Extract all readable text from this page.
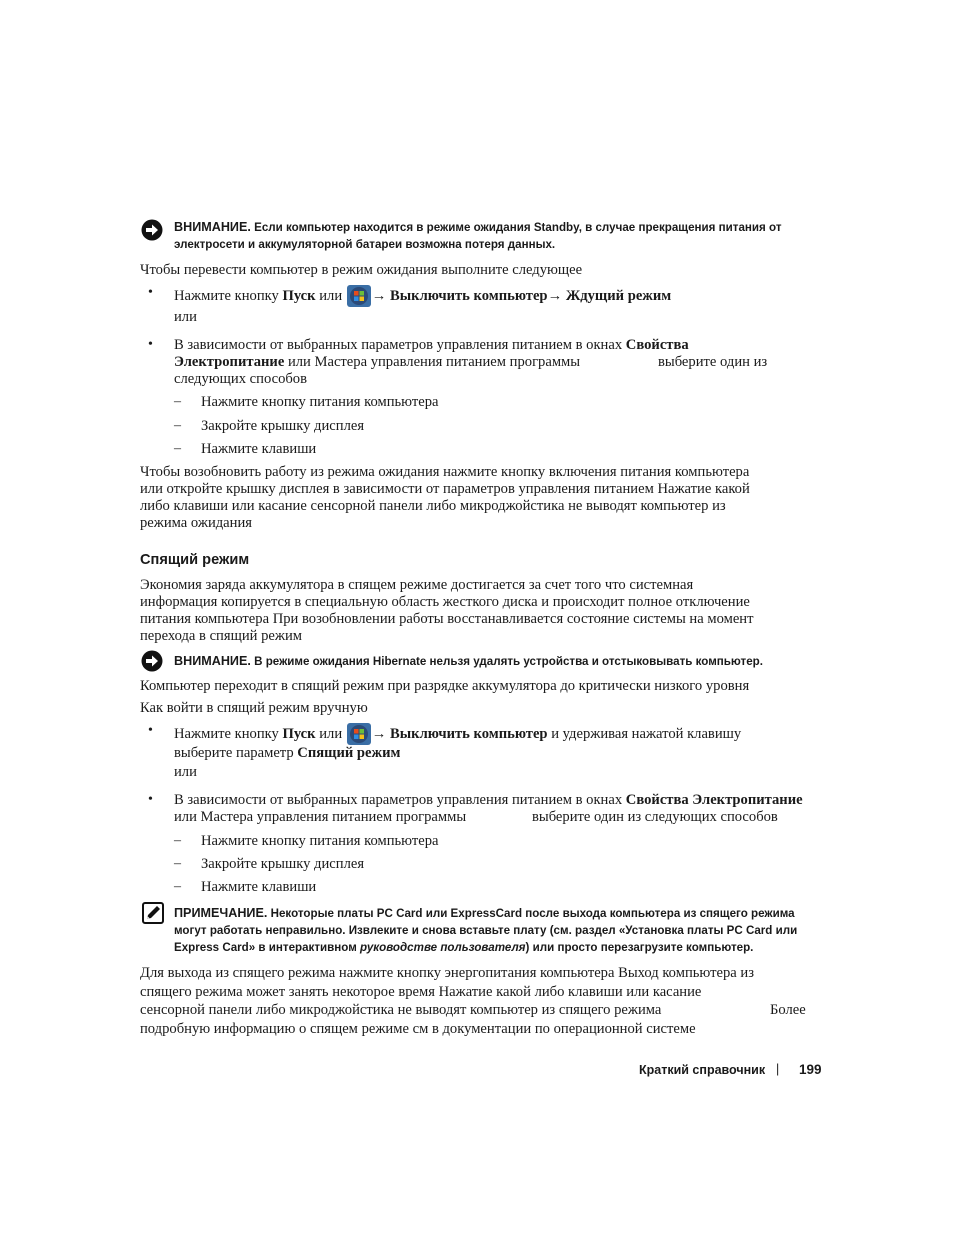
ВНИМАНИЕ. Если компьютер находится в режиме ожидания Standby, в случае прекращения питания от
электросети и аккумуляторной батареи возможна потеря данных.
Чтобы перевести компьютер в режим ожидания выполните следующее
• Нажмите кнопку Пуск или → Выключить компьютер→ Ждущий режим
или
• В зависимости от выбранных параметров управления питанием в окнах Свойства
Электропитание или Мастера управления питанием программы	выберите один из

следующих способов
– Нажмите кнопку питания компьютера
– Закройте крышку дисплея
– Нажмите клавиши
Чтобы возобновить работу из режима ожидания нажмите кнопку включения питания компьютера
или откройте крышку дисплея в зависимости от параметров управления питанием Нажатие какой
либо клавиши или касание сенсорной панели либо микроджойстика не выводят компьютер из
режима ожидания
Спящий режим
Экономия заряда аккумулятора в спящем режиме достигается за счет того что системная
информация копируется в специальную область жесткого диска и происходит полное отключение
питания компьютера При возобновлении работы восстанавливается состояние системы на момент
перехода в спящий режим
ВНИМАНИЕ. В режиме ожидания Hibernate нельзя удалять устройства и отстыковывать компьютер.
Компьютер переходит в спящий режим при разрядке аккумулятора до критически низкого уровня
Как войти в спящий режим вручную
• Нажмите кнопку Пуск или → Выключить компьютер и удерживая нажатой клавишу
выберите параметр Спящий режим
или
• В зависимости от выбранных параметров управления питанием в окнах Свойства Электропитание
или Мастера управления питанием программы	выберите один из следующих способов
– Нажмите кнопку питания компьютера
– Закройте крышку дисплея
– Нажмите клавиши
ПРИМЕЧАНИЕ. Некоторые платы PC Card или ExpressCard после выхода компьютера из спящего режима
могут работать неправильно. Извлеките и снова вставьте плату (см. раздел «Установка платы PC Card или
Express Card» в интерактивном руководстве пользователя) или просто перезагрузите компьютер.
Для выхода из спящего режима нажмите кнопку энергопитания компьютера Выход компьютера из
спящего режима может занять некоторое время Нажатие какой либо клавиши или касание
сенсорной панели либо микроджойстика не выводят компьютер из спящего режима	Более

подробную информацию о спящем режиме см в документации по операционной системе
Краткий справочник | 199
